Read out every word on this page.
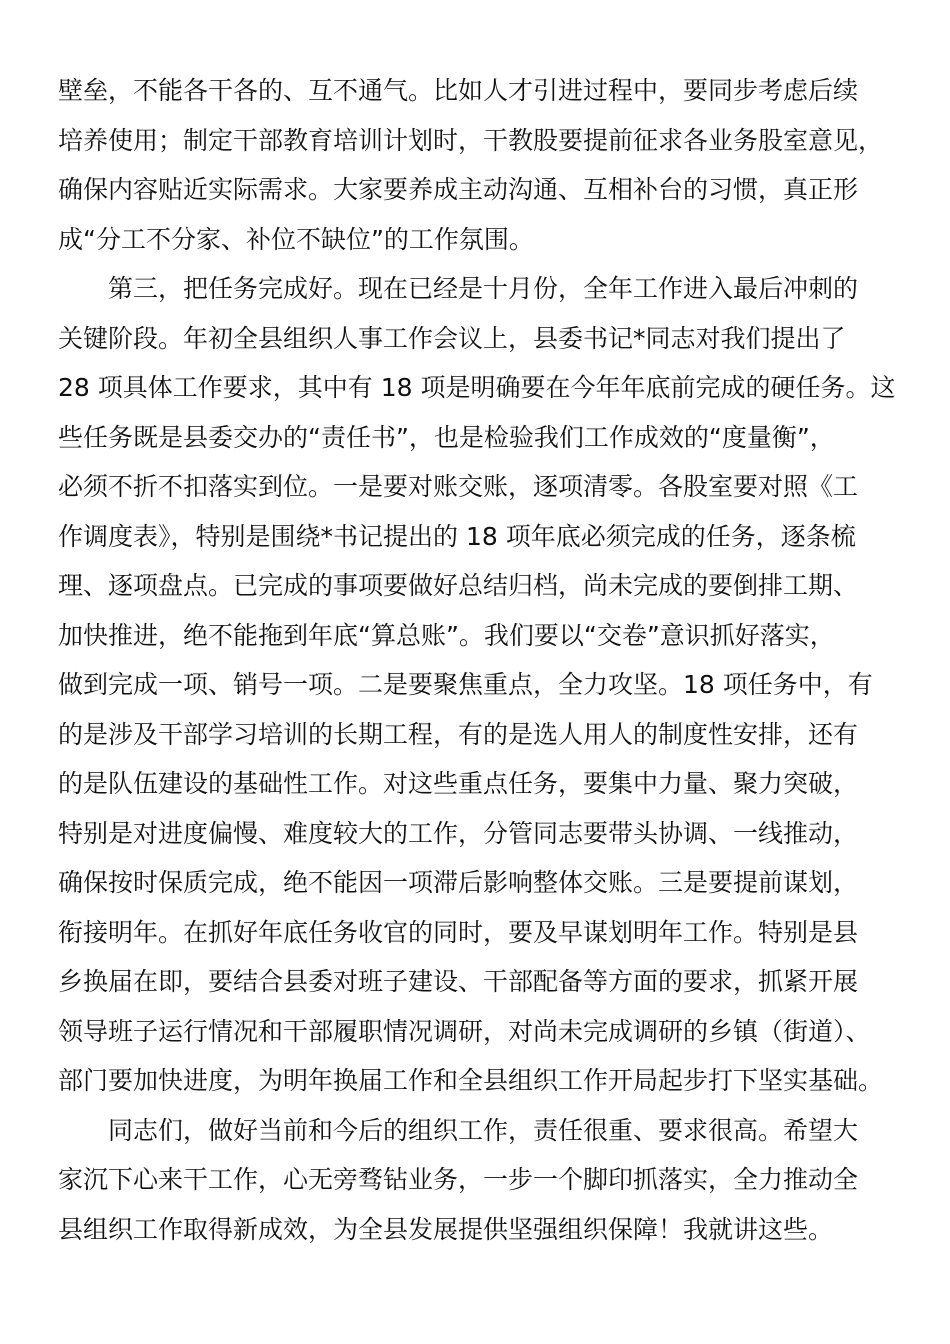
壁垒，不能各干各的、互不通气。比如人才引进过程中，要同步考虑后续
培养使用；制定干部教育培训计划时，干教股要提前征求各业务股室意见，
确保内容贴近实际需求。大家要养成主动沟通、互相补台的习惯，真正形
成“分工不分家、补位不缺位”的工作氛围。
第三，把任务完成好。现在已经是十月份，全年工作进入最后冲刺的
关键阶段。年初全县组织人事工作会议上，县委书记*同志对我们提出了
28 项具体工作要求，其中有 18 项是明确要在今年年底前完成的硬任务。这
些任务既是县委交办的“责任书”，也是检验我们工作成效的“度量衡”，
必须不折不扣落实到位。一是要对账交账，逐项清零。各股室要对照《工
作调度表》，特别是围绕*书记提出的 18 项年底必须完成的任务，逐条梳
理、逐项盘点。已完成的事项要做好总结归档，尚未完成的要倒排工期、
加快推进，绝不能拖到年底“算总账”。我们要以“交卷”意识抓好落实，
做到完成一项、销号一项。二是要聚焦重点，全力攻坚。18 项任务中，有
的是涉及干部学习培训的长期工程，有的是选人用人的制度性安排，还有
的是队伍建设的基础性工作。对这些重点任务，要集中力量、聚力突破，
特别是对进度偏慢、难度较大的工作，分管同志要带头协调、一线推动，
确保按时保质完成，绝不能因一项滞后影响整体交账。三是要提前谋划，
衔接明年。在抓好年底任务收官的同时，要及早谋划明年工作。特别是县
乡换届在即，要结合县委对班子建设、干部配备等方面的要求，抓紧开展
领导班子运行情况和干部履职情况调研，对尚未完成调研的乡镇（街道）、
部门要加快进度，为明年换届工作和全县组织工作开局起步打下坚实基础。
同志们，做好当前和今后的组织工作，责任很重、要求很高。希望大
家沉下心来干工作，心无旁骛钻业务，一步一个脚印抓落实，全力推动全
县组织工作取得新成效，为全县发展提供坚强组织保障！我就讲这些。
